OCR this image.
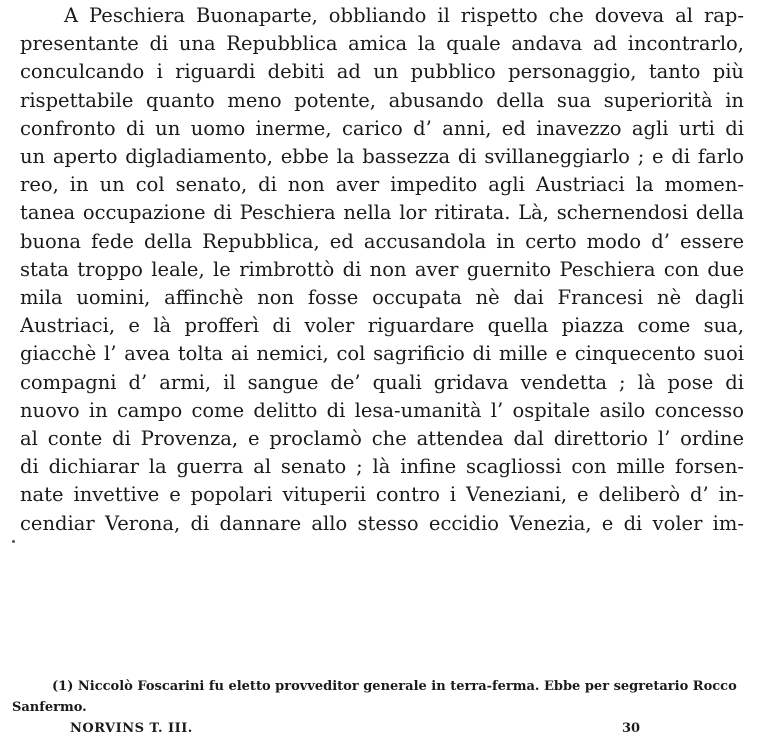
A Peschiera Buonaparte, obbliando il rispetto che doveva al rap-
presentante di una Repubblica amica la quale andava ad incontrarlo,
conculcando i riguardi debiti ad un pubblico personaggio, tanto più
rispettabile quanto meno potente, abusando della sua superiorità in
confronto di un uomo inerme, carico d’ anni, ed inavezzo agli urti di
un aperto digladiamento, ebbe la bassezza di svillaneggiarlo ; e di farlo
reo, in un col senato, di non aver impedito agli Austriaci la momen-
tanea occupazione di Peschiera nella lor ritirata. Là, schernendosi della
buona fede della Repubblica, ed accusandola in certo modo d’ essere
stata troppo leale, le rimbrottò di non aver guernito Peschiera con due
mila uomini, affinchè non fosse occupata nè dai Francesi nè dagli
Austriaci, e là profferì di voler riguardare quella piazza come sua,
giacchè l’ avea tolta ai nemici, col sagrificio di mille e cinquecento suoi
compagni d’ armi, il sangue de’ quali gridava vendetta ; là pose di
nuovo in campo come delitto di lesa-umanità l’ ospitale asilo concesso
al conte di Provenza, e proclamò che attendea dal direttorio l’ ordine
di dichiarar la guerra al senato ; là infine scagliossi con mille forsen-
nate invettive e popolari vituperii contro i Veneziani, e deliberò d’ in-
cendiar Verona, di dannare allo stesso eccidio Venezia, e di voler im-
(1) Niccolò Foscarini fu eletto provveditor generale in terra-ferma. Ebbe per segretario Rocco
Sanfermo.
NORVINS T. III.	30
